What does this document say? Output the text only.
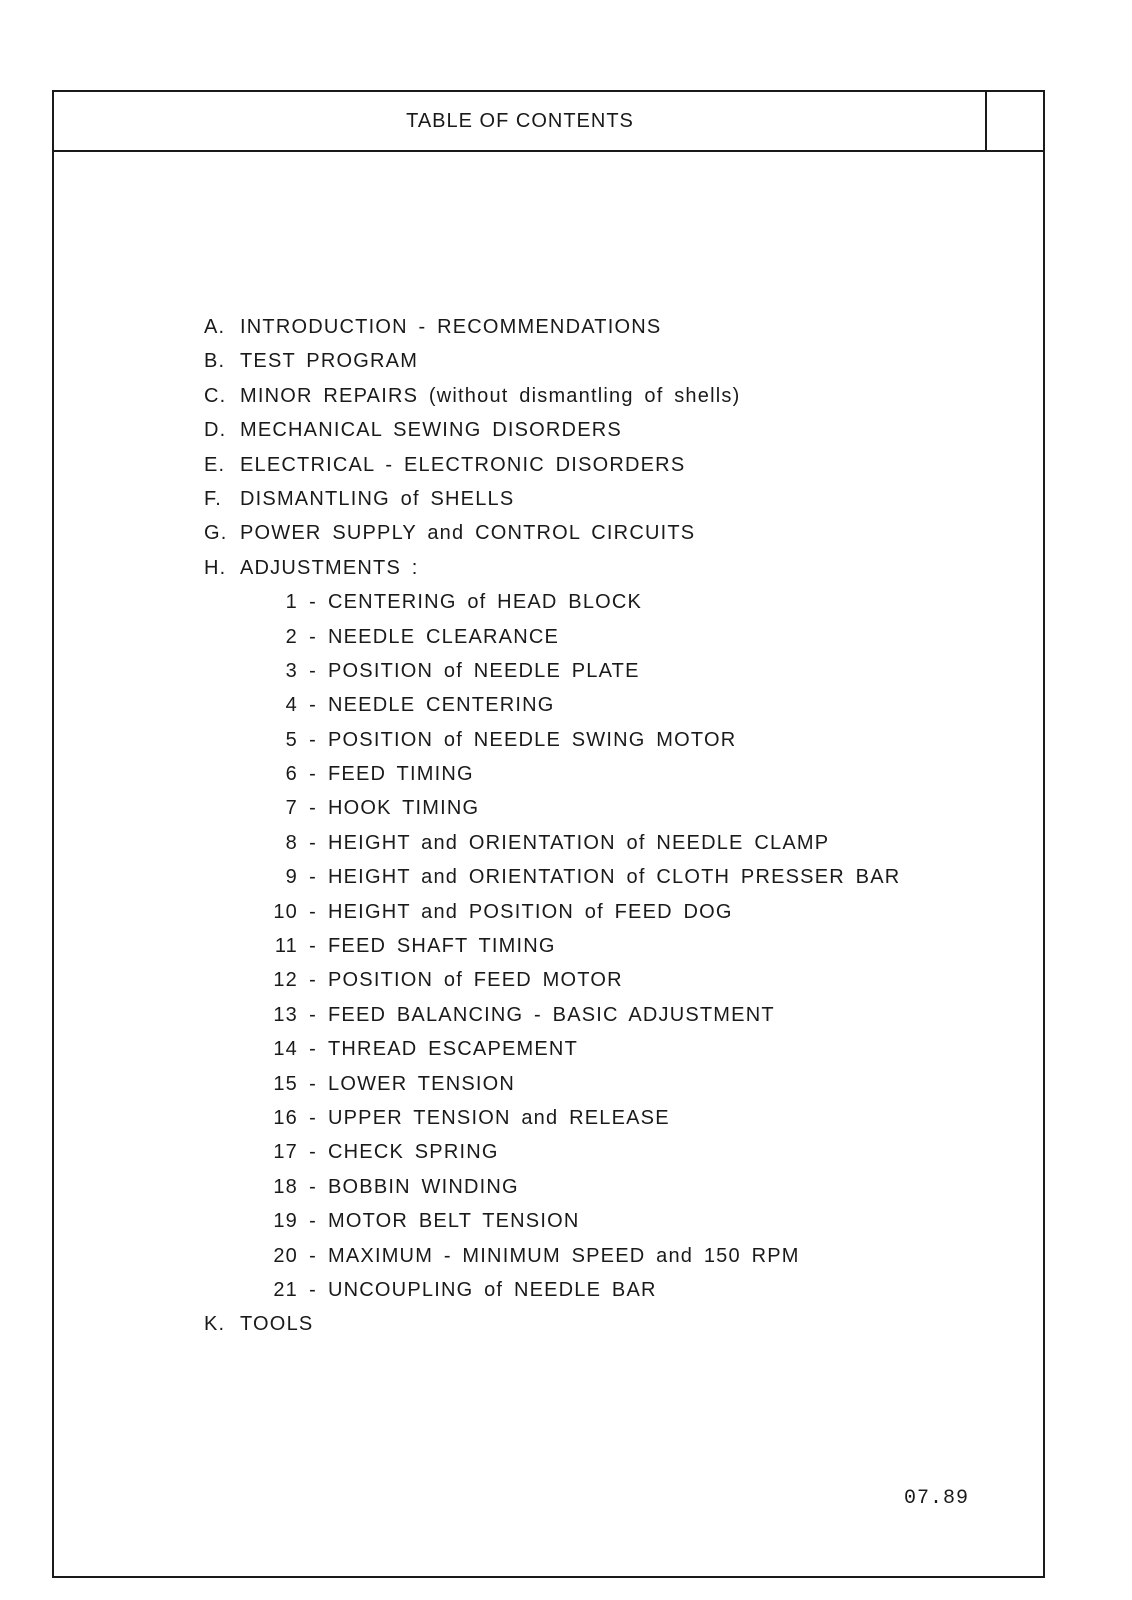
TABLE OF CONTENTS
A. INTRODUCTION - RECOMMENDATIONS
B. TEST PROGRAM
C. MINOR REPAIRS (without dismantling of shells)
D. MECHANICAL SEWING DISORDERS
E. ELECTRICAL - ELECTRONIC DISORDERS
F. DISMANTLING of SHELLS
G. POWER SUPPLY and CONTROL CIRCUITS
H. ADJUSTMENTS :
1 - CENTERING of HEAD BLOCK
2 - NEEDLE CLEARANCE
3 - POSITION of NEEDLE PLATE
4 - NEEDLE CENTERING
5 - POSITION of NEEDLE SWING MOTOR
6 - FEED TIMING
7 - HOOK TIMING
8 - HEIGHT and ORIENTATION of NEEDLE CLAMP
9 - HEIGHT and ORIENTATION of CLOTH PRESSER BAR
10 - HEIGHT and POSITION of FEED DOG
11 - FEED SHAFT TIMING
12 - POSITION of FEED MOTOR
13 - FEED BALANCING - BASIC ADJUSTMENT
14 - THREAD ESCAPEMENT
15 - LOWER TENSION
16 - UPPER TENSION and RELEASE
17 - CHECK SPRING
18 - BOBBIN WINDING
19 - MOTOR BELT TENSION
20 - MAXIMUM - MINIMUM SPEED and 150 RPM
21 - UNCOUPLING of NEEDLE BAR
K. TOOLS
07.89
